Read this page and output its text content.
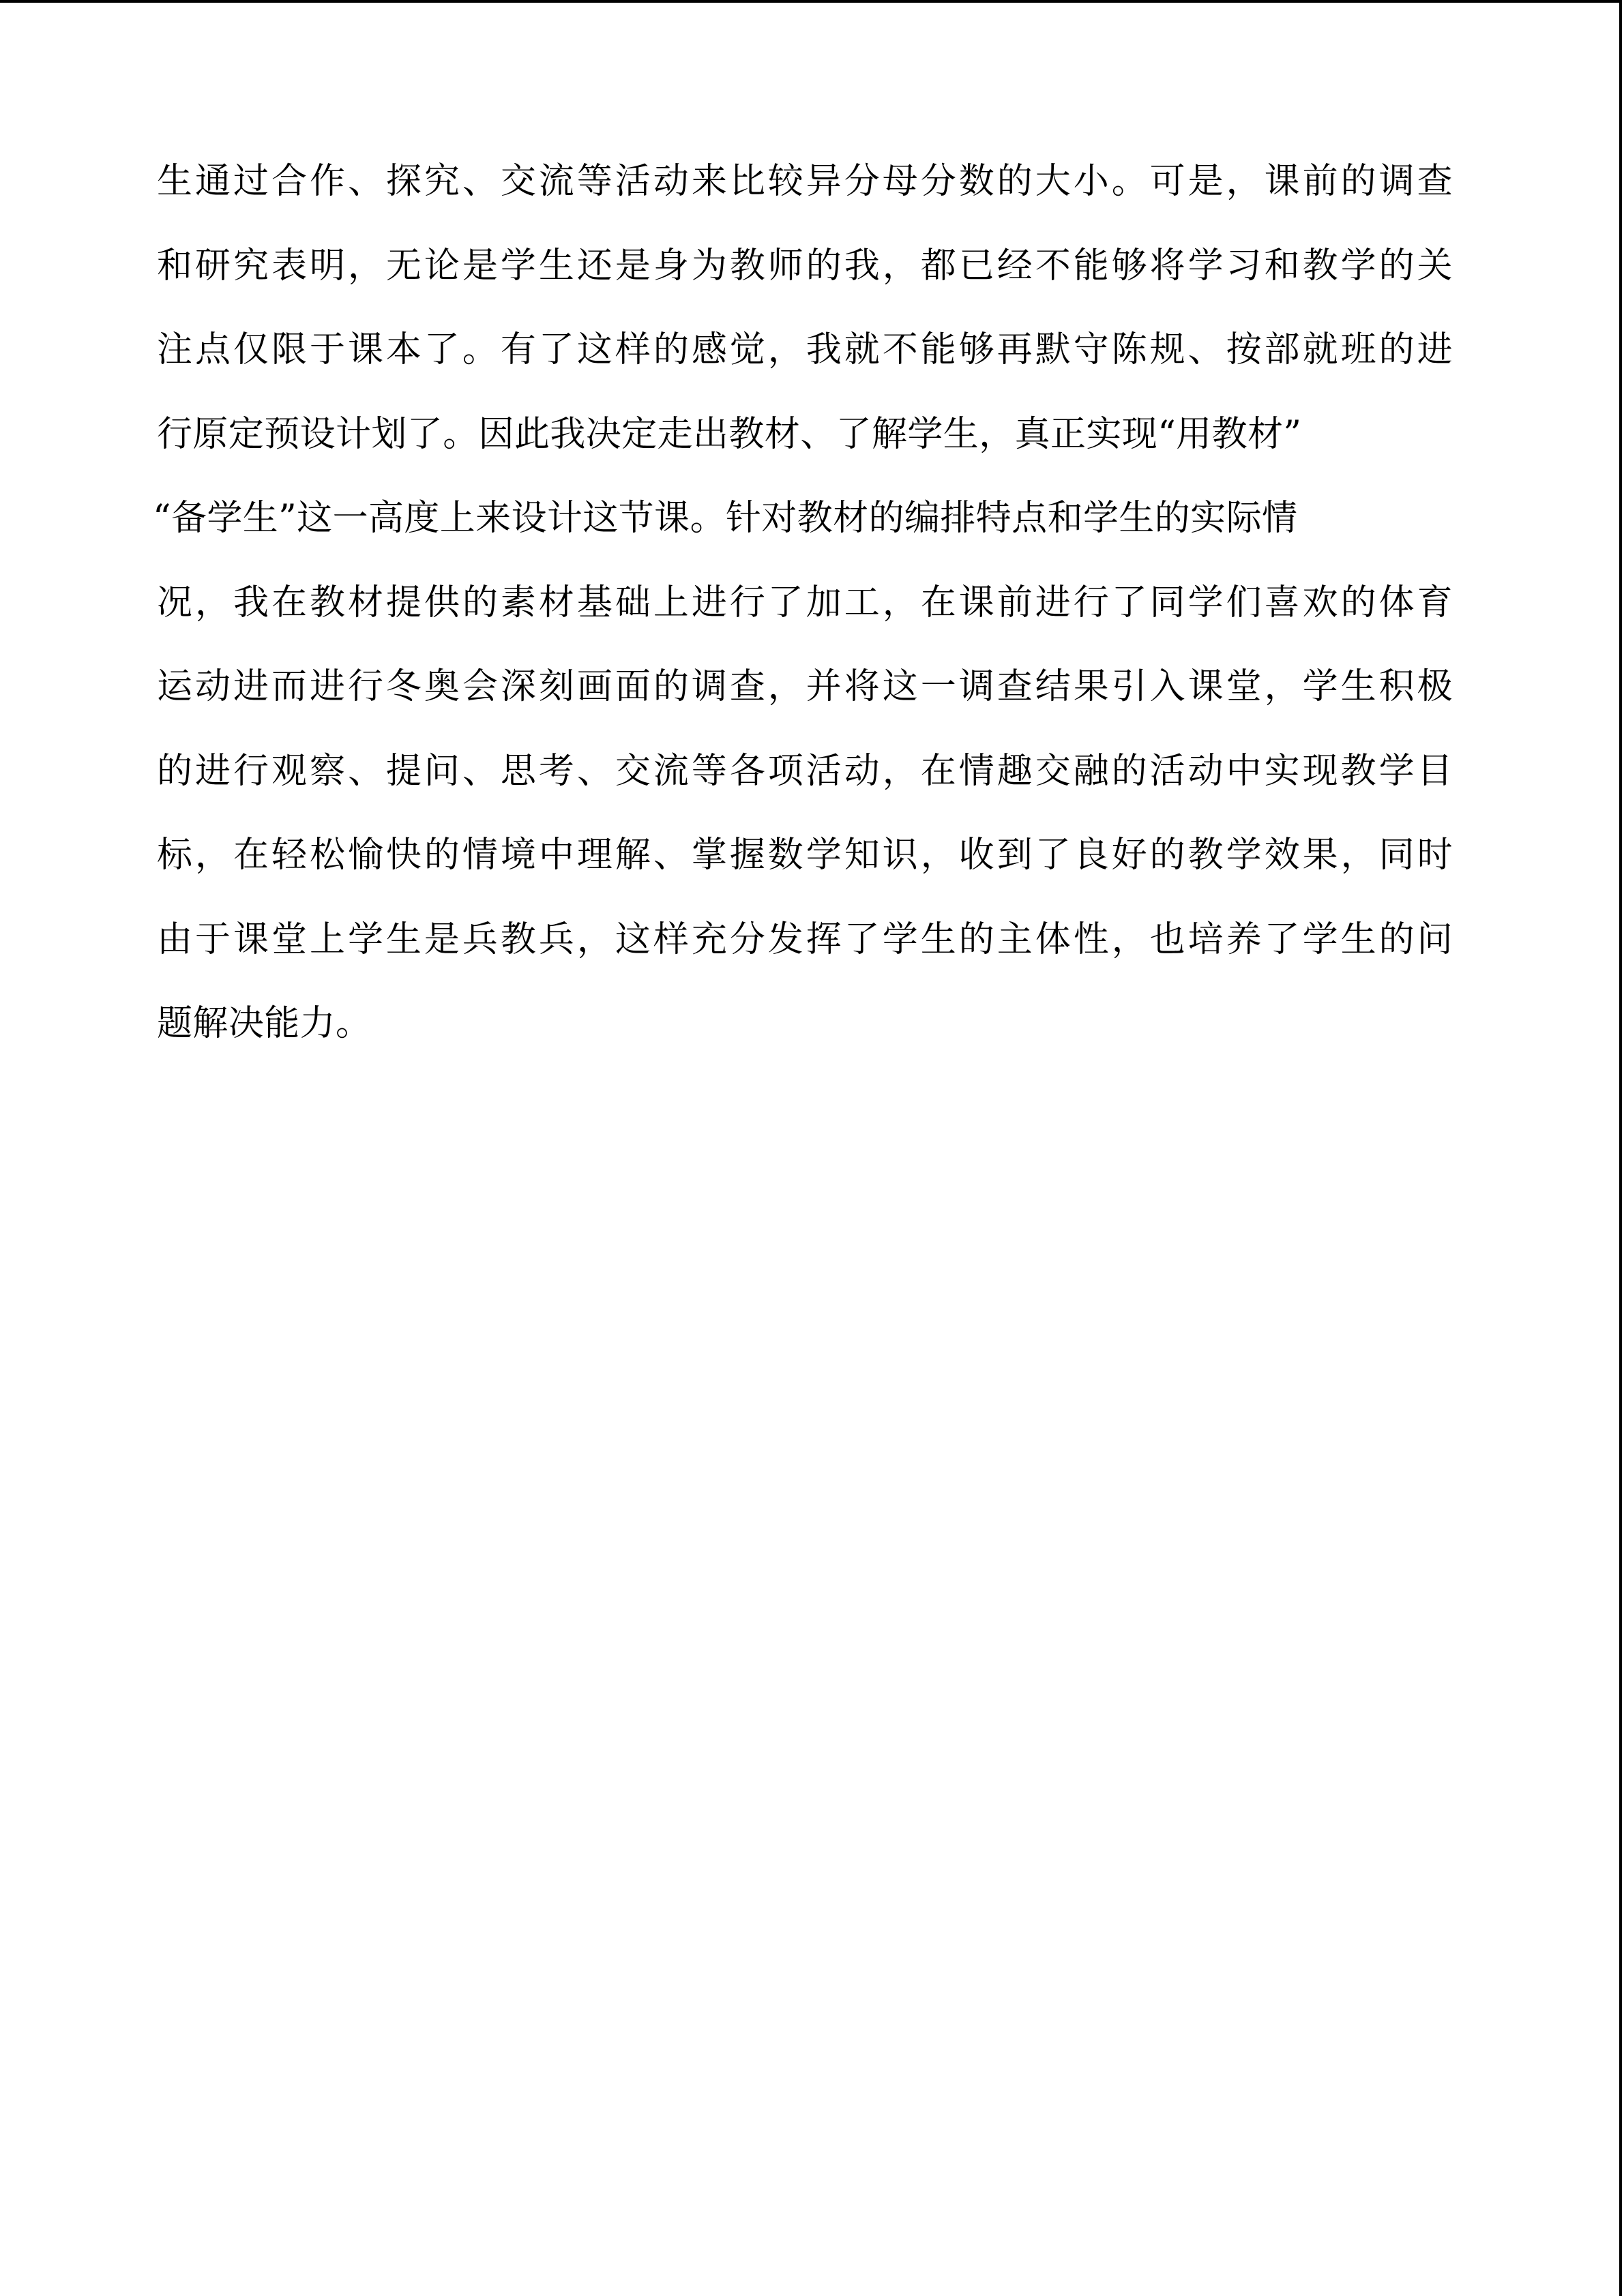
生通过合作、探究、交流等活动来比较异分母分数的大小。可是，课前的调查
和研究表明，无论是学生还是身为教师的我，都已经不能够将学习和教学的关
注点仅限于课本了。有了这样的感觉，我就不能够再默守陈规、按部就班的进
行原定预设计划了。因此我决定走出教材、了解学生，真正实现“用教材”
“备学生”这一高度上来设计这节课。针对教材的编排特点和学生的实际情
况，我在教材提供的素材基础上进行了加工，在课前进行了同学们喜欢的体育
运动进而进行冬奥会深刻画面的调查，并将这一调查结果引入课堂，学生积极
的进行观察、提问、思考、交流等各项活动，在情趣交融的活动中实现教学目
标，在轻松愉快的情境中理解、掌握数学知识，收到了良好的教学效果，同时
由于课堂上学生是兵教兵，这样充分发挥了学生的主体性，也培养了学生的问
题解决能力。
